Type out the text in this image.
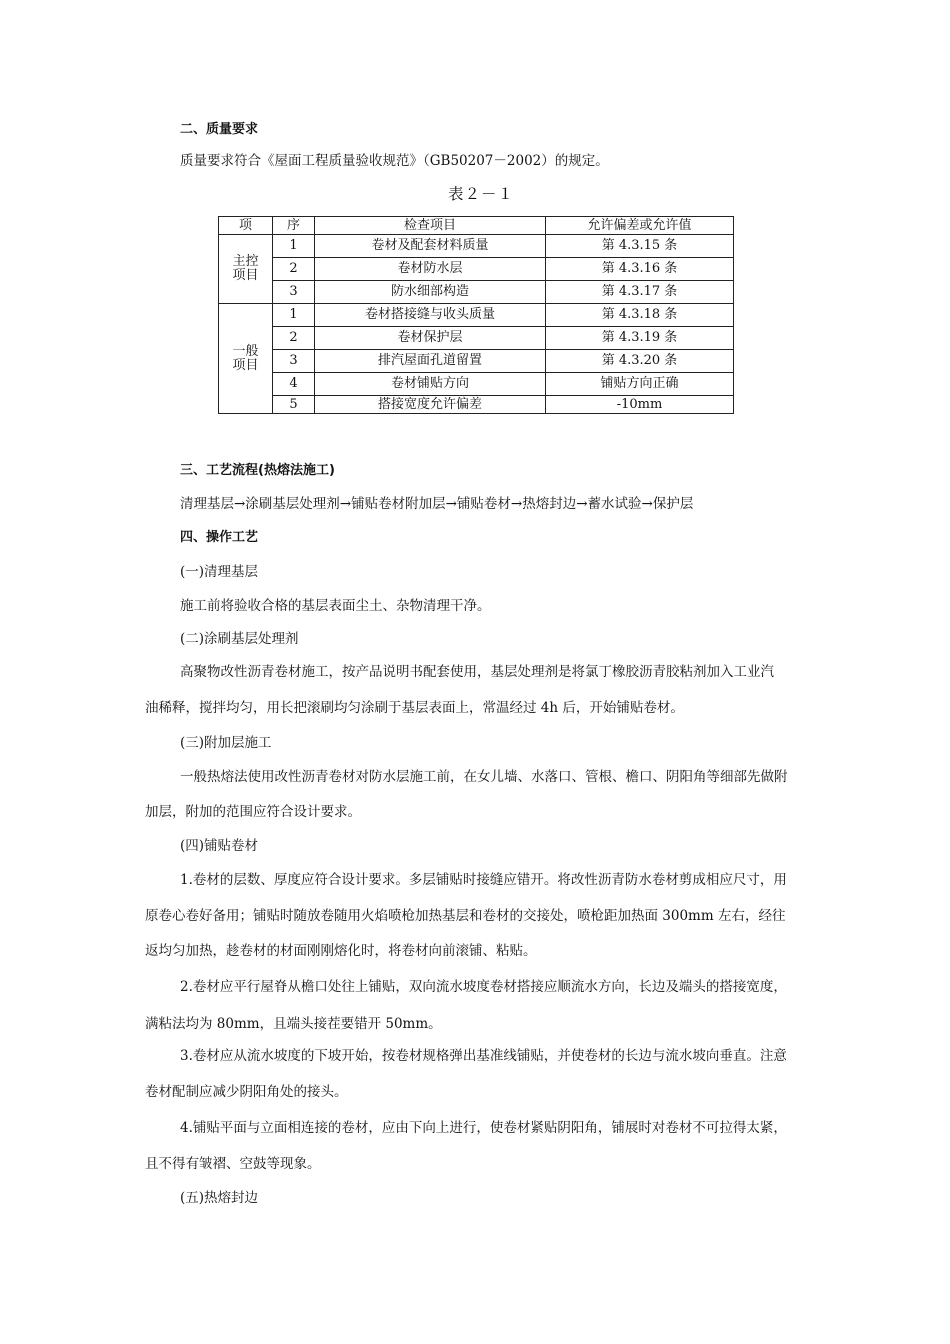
二、质量要求
质量要求符合《屋面工程质量验收规范》（GB50207－2002）的规定。
表２－１
项	序	检查项目	允许偏差或允许值

主控
项目	1	卷材及配套材料质量	第 4.3.15 条
	2	卷材防水层	第 4.3.16 条
	3	防水细部构造	第 4.3.17 条

一般
项目	1	卷材搭接缝与收头质量	第 4.3.18 条
	2	卷材保护层	第 4.3.19 条
	3	排汽屋面孔道留置	第 4.3.20 条
	4	卷材铺贴方向	铺贴方向正确
	5	搭接宽度允许偏差	-10mm
三、工艺流程(热熔法施工)
清理基层→涂刷基层处理剂→铺贴卷材附加层→铺贴卷材→热熔封边→蓄水试验→保护层
四、操作工艺
(一)清理基层
施工前将验收合格的基层表面尘土、杂物清理干净。
(二)涂刷基层处理剂
高聚物改性沥青卷材施工，按产品说明书配套使用，基层处理剂是将氯丁橡胶沥青胶粘剂加入工业汽
油稀释，搅拌均匀，用长把滚刷均匀涂刷于基层表面上，常温经过 4h 后，开始铺贴卷材。
(三)附加层施工
一般热熔法使用改性沥青卷材对防水层施工前，在女儿墙、水落口、管根、檐口、阴阳角等细部先做附
加层，附加的范围应符合设计要求。
(四)铺贴卷材
1.卷材的层数、厚度应符合设计要求。多层铺贴时接缝应错开。将改性沥青防水卷材剪成相应尺寸，用
原卷心卷好备用；铺贴时随放卷随用火焰喷枪加热基层和卷材的交接处，喷枪距加热面 300mm 左右，经往
返均匀加热，趁卷材的材面刚刚熔化时，将卷材向前滚铺、粘贴。
2.卷材应平行屋脊从檐口处往上铺贴，双向流水坡度卷材搭接应顺流水方向，长边及端头的搭接宽度，
满粘法均为 80mm，且端头接茬要错开 50mm。
3.卷材应从流水坡度的下坡开始，按卷材规格弹出基准线铺贴，并使卷材的长边与流水坡向垂直。注意
卷材配制应减少阴阳角处的接头。
4.铺贴平面与立面相连接的卷材，应由下向上进行，使卷材紧贴阴阳角，铺展时对卷材不可拉得太紧，
且不得有皱褶、空鼓等现象。
(五)热熔封边
